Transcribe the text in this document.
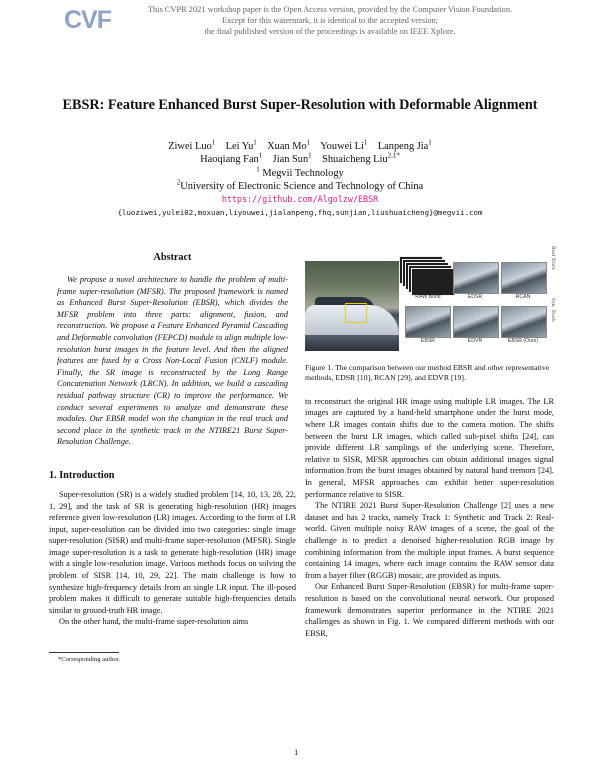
CVF	This CVPR 2021 workshop paper is the Open Access version, provided by the Computer Vision Foundation.
Except for this watermark, it is identical to the accepted version;
the final published version of the proceedings is available on IEEE Xplore.
EBSR: Feature Enhanced Burst Super-Resolution with Deformable Alignment
Ziwei Luo$^1$ Lei Yu$^1$ Xuan Mo$^1$ Youwei Li$^1$ Lanpeng Jia$^1$
Haoqiang Fan$^1$ Jian Sun$^1$ Shuaicheng Liu$^{2,1*}$
$^1$ Megvii Technology
$^2$University of Electronic Science and Technology of China
https://github.com/Algolzw/EBSR
{luoziwei,yulei02,moxuan,liyouwei,jialanpeng,fhq,sunjian,liushuaicheng}@megvii.com
Abstract

We propose a novel architecture to handle the problem of multi-frame super-resolution (MFSR). The proposed framework is named as Enhanced Burst Super-Resolution (EBSR), which divides the MFSR problem into three parts: alignment, fusion, and reconstruction. We propose a Feature Enhanced Pyramid Cascading and Deformable convolution (FEPCD) module to align multiple low-resolution burst images in the feature level. And then the aligned features are fused by a Cross Non-Local Fusion (CNLF) module. Finally, the SR image is reconstructed by the Long Range Concatenation Network (LRCN). In addition, we build a cascading residual pathway structure (CR) to improve the performance. We conduct several experiments to analyze and demonstrate these modules. Our EBSR model won the champion in the real track and second place in the synthetic track in the NTIRE21 Burst Super-Resolution Challenge.

1. Introduction

Super-resolution (SR) is a widely studied problem [14, 10, 13, 28, 22, 1, 29], and the task of SR is generating high-resolution (HR) images reference given low-resolution (LR) images. According to the form of LR input, super-resolution can be divided into two categories: single image super-resolution (SISR) and multi-frame super-resolution (MFSR). Single image super-resolution is a task to generate high-resolution (HR) image with a single low-resolution image. Various methods focus on solving the problem of SISR [14, 10, 29, 22]. The main challenge is how to synthesize high-frequency details from an single LR input. The ill-posed problem makes it difficult to generate suitable high-frequencies details similar to ground-truth HR image.

On the other hand, the multi-frame super-resolution aims

*Corresponding author.
Real Track
Syn. Track
RAW Burst	EDSR	RCAN
EBSR	EDVR	EBSR (Ours)
Figure 1. The comparison between our method EBSR and other representative methods, EDSR [10], RCAN [29], and EDVR [19].

to reconstruct the original HR image using multiple LR images. The LR images are captured by a hand-held smartphone under the burst mode, where LR images contain shifts due to the camera motion. The shifts between the burst LR images, which called sub-pixel shifts [24], can provide different LR samplings of the underlying scene. Therefore, relative to SISR, MFSR approaches can obtain additional images signal information from the burst images obtained by natural hand tremors [24]. In general, MFSR approaches can exhibit better super-resolution performance relative to SISR.

The NTIRE 2021 Burst Super-Resolution Challenge [2] uses a new dataset and has 2 tracks, namely Track 1: Synthetic and Track 2: Real-world. Given multiple noisy RAW images of a scene, the goal of the challenge is to predict a denoised higher-resolution RGB image by combining information from the multiple input frames. A burst sequence containing 14 images, where each image contains the RAW sensor data from a bayer filter (RGGB) mosaic, are provided as inputs.

Our Enhanced Burst Super-Resolution (EBSR) for multi-frame super-resolution is based on the convolutional neural network. Our proposed framework demonstrates superior performance in the NTIRE 2021 challenges as shown in Fig. 1. We compared different methods with our EBSR,

1
